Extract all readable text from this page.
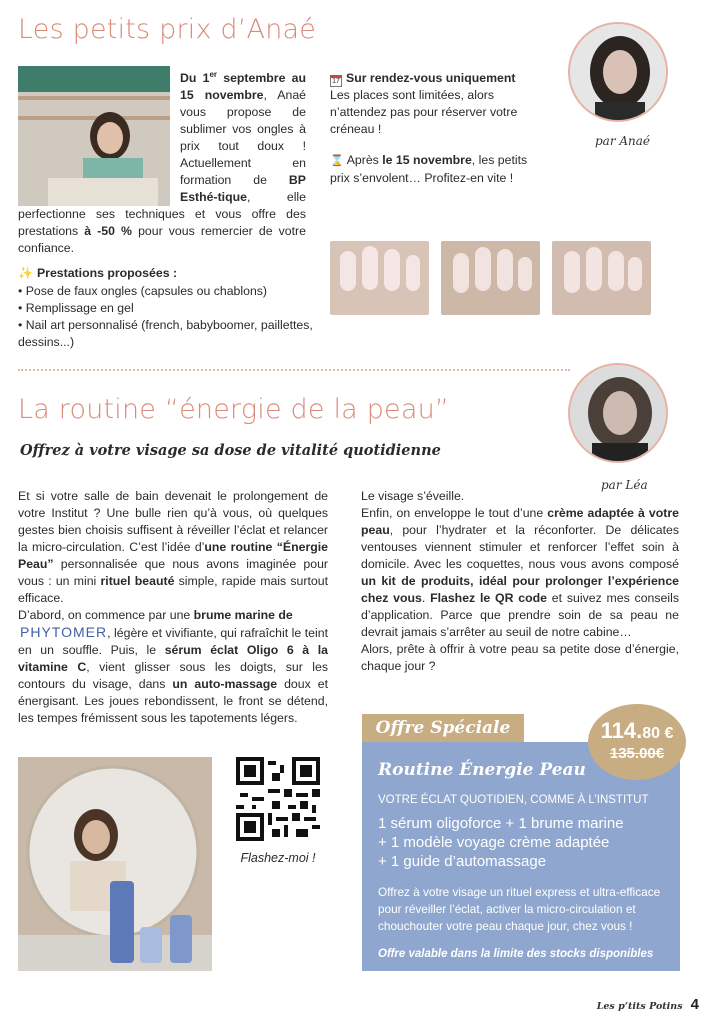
Les petits prix d’Anaé
par Anaé
Du 1er septembre au 15 novembre, Anaé vous propose de sublimer vos ongles à prix tout doux ! Actuellement en formation de BP Esthé-tique, elle perfectionne ses techniques et vous offre des prestations à -50 % pour vous remercier de votre confiance.
17 Sur rendez-vous uniquement
Les places sont limitées, alors n’attendez pas pour réserver votre créneau !
⌛ Après le 15 novembre, les petits prix s’envolent… Profitez-en vite !
✨ Prestations proposées :
• Pose de faux ongles (capsules ou chablons)
• Remplissage en gel
• Nail art personnalisé (french, babyboomer, paillettes, dessins...)
La routine “énergie de la peau”
par Léa
Offrez à votre visage sa dose de vitalité quotidienne

Et si votre salle de bain devenait le prolongement de votre Institut ? Une bulle rien qu’à vous, où quelques gestes bien choisis suffisent à réveiller l’éclat et relancer la micro-circulation. C’est l’idée d’une routine “Énergie Peau” personnalisée que nous avons imaginée pour vous : un mini rituel beauté simple, rapide mais surtout efficace.

D’abord, on commence par une brume marine de
PHYTOMER, légère et vivifiante, qui rafraîchit le teint en un souffle. Puis, le sérum éclat Oligo 6 à la vitamine C, vient glisser sous les doigts, sur les contours du visage, dans un auto-massage doux et énergisant. Les joues rebondissent, le front se détend, les tempes frémissent sous les tapotements légers.

Le visage s’éveille.

Enfin, on enveloppe le tout d’une crème adaptée à votre peau, pour l’hydrater et la réconforter. De délicates ventouses viennent stimuler et renforcer l’effet soin à domicile. Avec les coquettes, nous vous avons composé un kit de produits, idéal pour prolonger l’expérience chez vous. Flashez le QR code et suivez mes conseils d’application. Parce que prendre soin de sa peau ne devrait jamais s’arrêter au seuil de notre cabine…

Alors, prête à offrir à votre peau sa petite dose d’énergie, chaque jour ?

Flashez-moi !
Offre Spéciale
Routine Énergie Peau
VOTRE ÉCLAT QUOTIDIEN, COMME À L’INSTITUT
1 sérum oligoforce + 1 brume marine
+ 1 modèle voyage crème adaptée
+ 1 guide d’automassage
Offrez à votre visage un rituel express et ultra-efficace pour réveiller l’éclat, activer la micro-circulation et chouchouter votre peau chaque jour, chez vous !
Offre valable dans la limite des stocks disponibles
114.80 €
135.00€
Les p’tits Potins 4
